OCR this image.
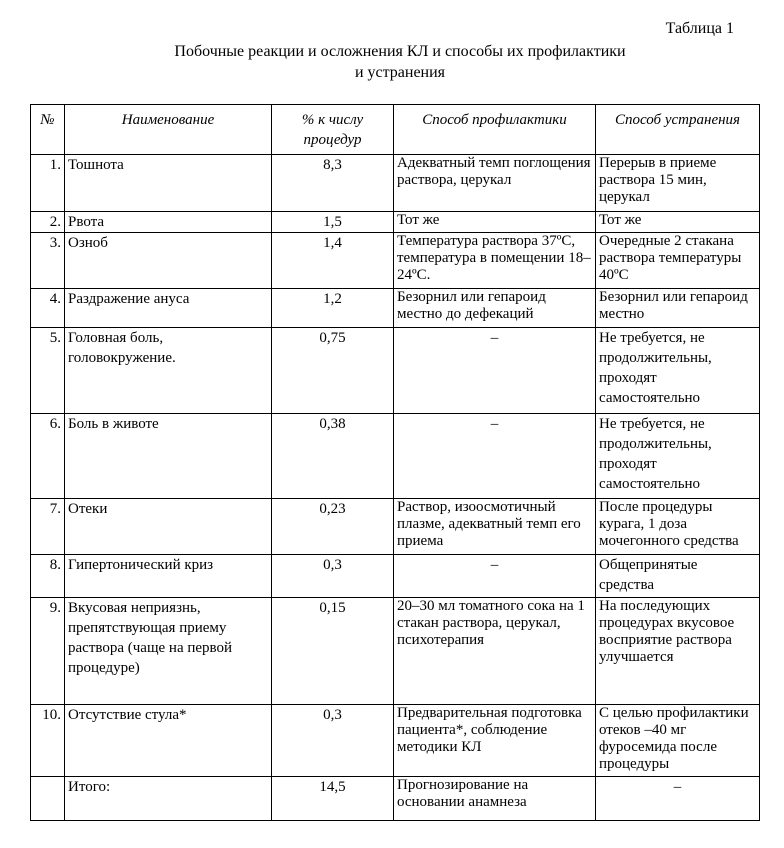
Таблица 1

Побочные реакции и осложнения КЛ и способы их профилактики
и устранения
№	Наименование	% к числу процедур	Способ профилактики	Способ устранения
1.	Тошнота	8,3	Адекватный темп поглощения раствора, церукал	Перерыв в приеме раствора 15 мин, церукал
2.	Рвота	1,5	Тот же	Тот же
3.	Озноб	1,4	Температура раствора 37ºС, температура в помещении 18–24ºС.	Очередные 2 стакана раствора температуры 40ºС
4.	Раздражение ануса	1,2	Безорнил или гепароид местно до дефекаций	Безорнил или гепароид местно
5.	Головная боль, головокружение.	0,75	–	Не требуется, не продолжительны, проходят самостоятельно
6.	Боль в животе	0,38	–	Не требуется, не продолжительны, проходят самостоятельно
7.	Отеки	0,23	Раствор, изоосмотичный плазме, адекватный темп его приема	После процедуры курага, 1 доза мочегонного средства
8.	Гипертонический криз	0,3	–	Общепринятые средства
9.	Вкусовая неприязнь, препятствующая приему раствора (чаще на первой процедуре)	0,15	20–30 мл томатного сока на 1 стакан раствора, церукал, психотерапия	На последующих процедурах вкусовое восприятие раствора улучшается
10.	Отсутствие стула*	0,3	Предварительная подготовка пациента*, соблюдение методики КЛ	С целью профилактики отеков –40 мг фуросемида после процедуры
	Итого:	14,5	Прогнозирование на основании анамнеза	–
